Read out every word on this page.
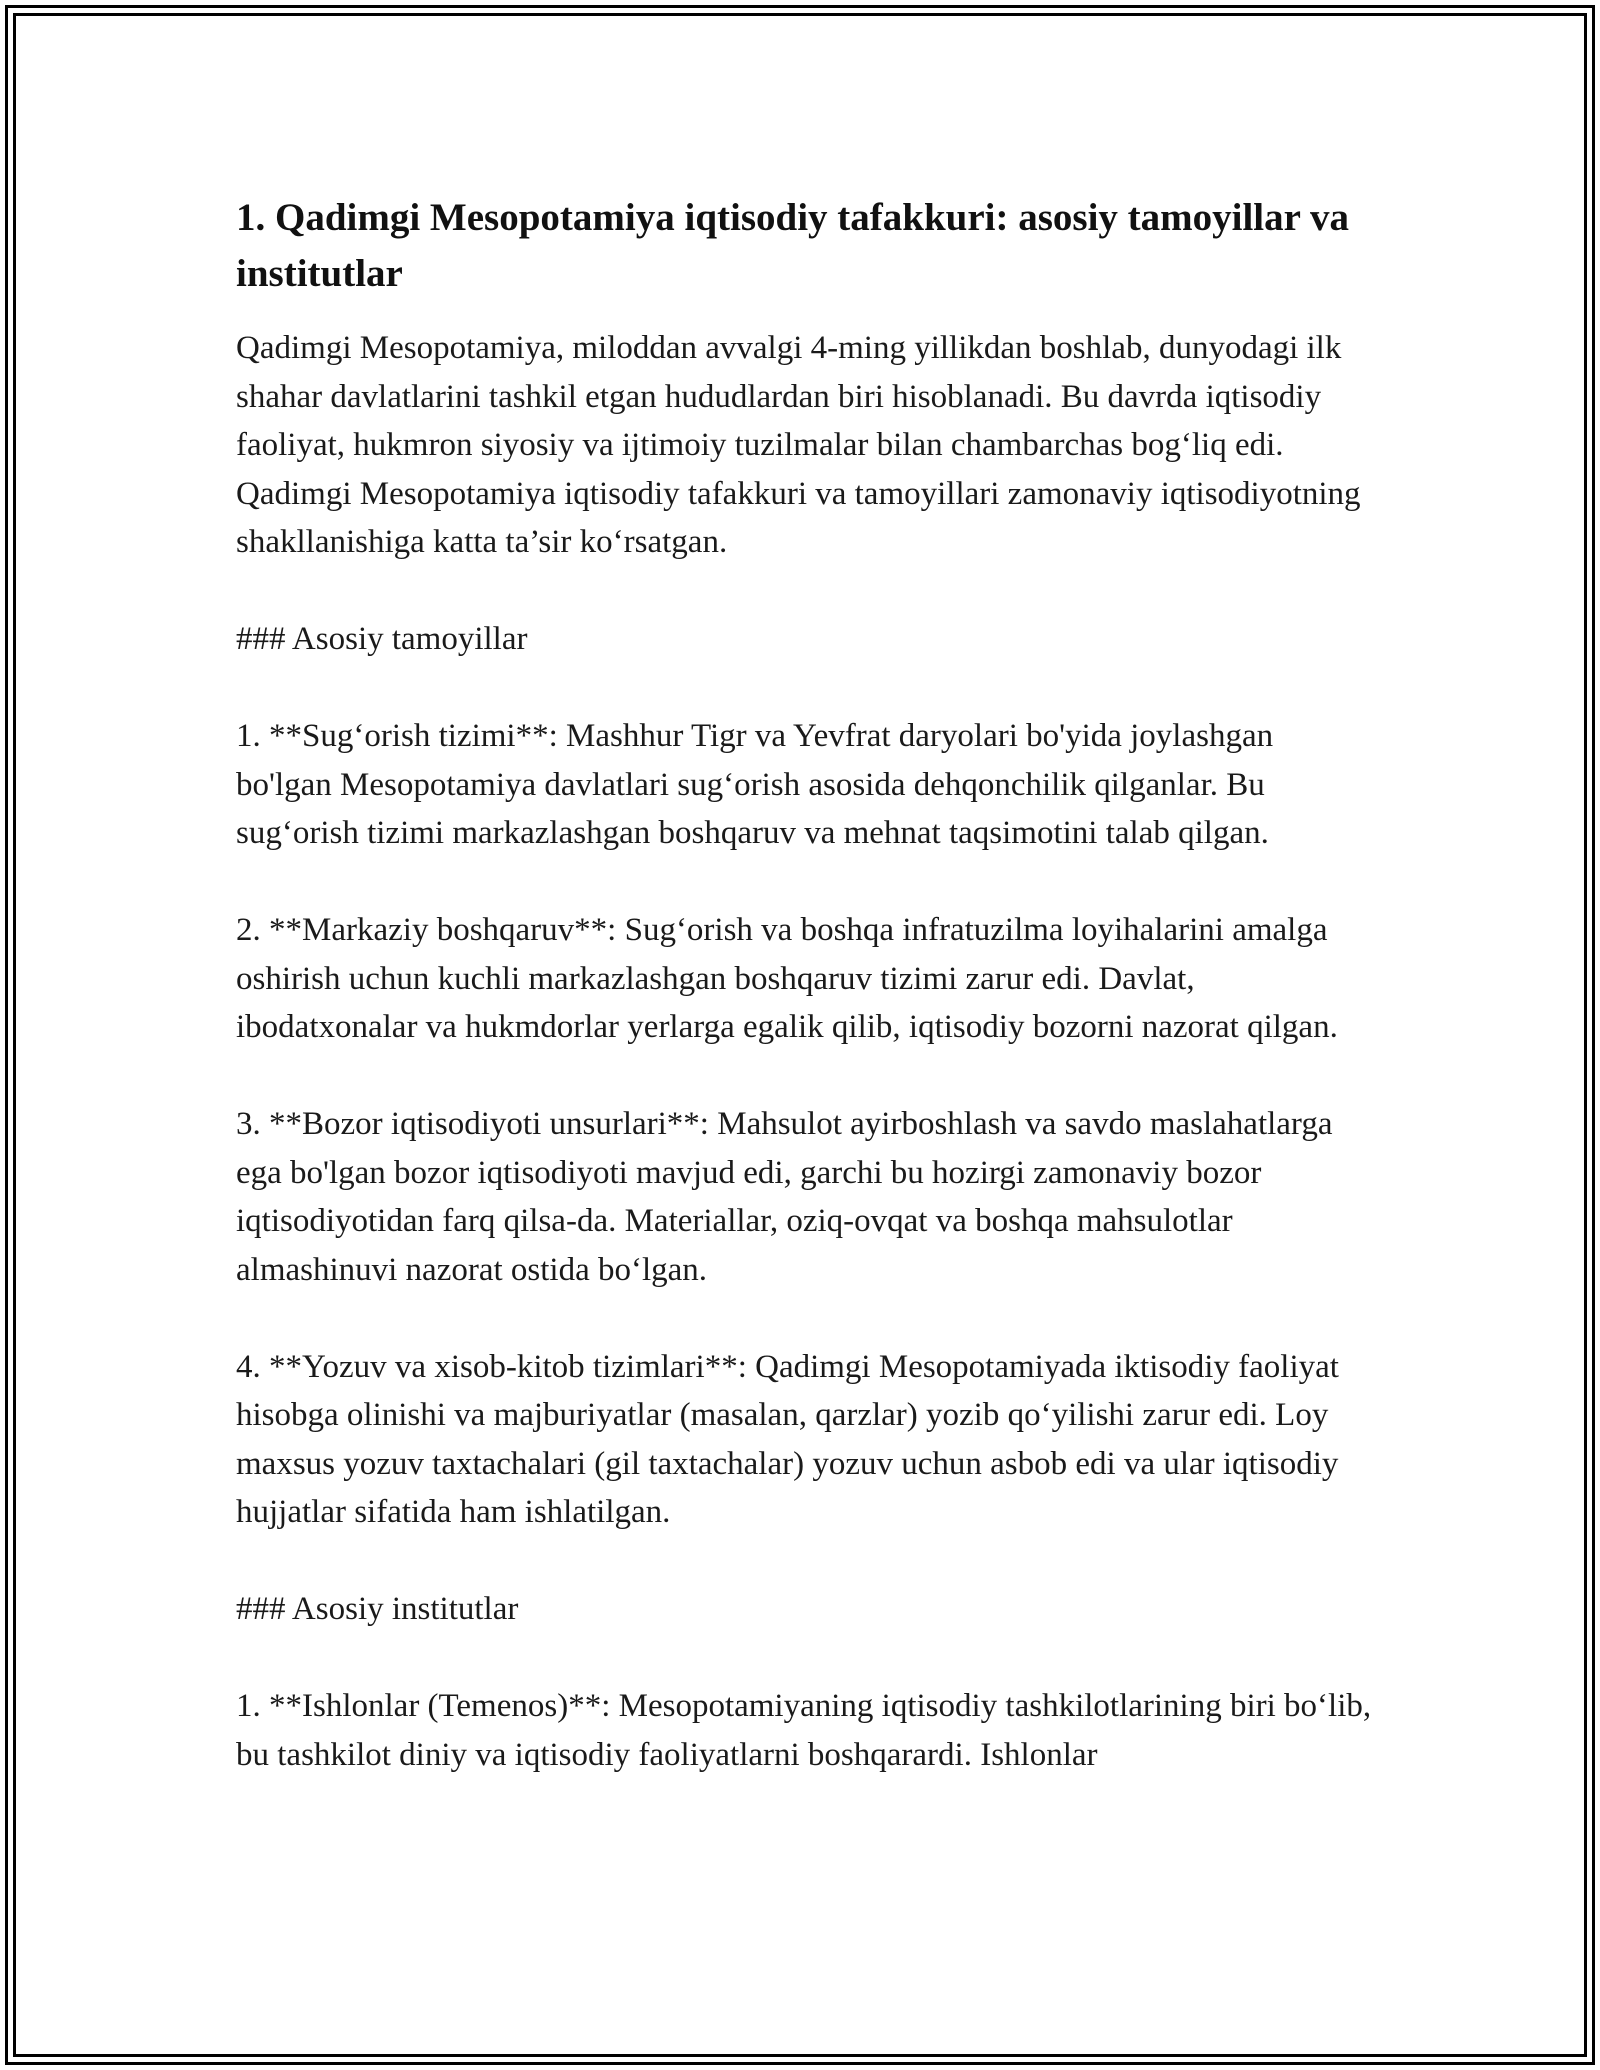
1. Qadimgi Mesopotamiya iqtisodiy tafakkuri: asosiy tamoyillar va institutlar

Qadimgi Mesopotamiya, miloddan avvalgi 4-ming yillikdan boshlab, dunyodagi ilk shahar davlatlarini tashkil etgan hududlardan biri hisoblanadi. Bu davrda iqtisodiy faoliyat, hukmron siyosiy va ijtimoiy tuzilmalar bilan chambarchas bog‘liq edi. Qadimgi Mesopotamiya iqtisodiy tafakkuri va tamoyillari zamonaviy iqtisodiyotning shakllanishiga katta ta’sir ko‘rsatgan.

### Asosiy tamoyillar

1. **Sug‘orish tizimi**: Mashhur Tigr va Yevfrat daryolari bo'yida joylashgan bo'lgan Mesopotamiya davlatlari sug‘orish asosida dehqonchilik qilganlar. Bu sug‘orish tizimi markazlashgan boshqaruv va mehnat taqsimotini talab qilgan.

2. **Markaziy boshqaruv**: Sug‘orish va boshqa infratuzilma loyihalarini amalga oshirish uchun kuchli markazlashgan boshqaruv tizimi zarur edi. Davlat, ibodatxonalar va hukmdorlar yerlarga egalik qilib, iqtisodiy bozorni nazorat qilgan.

3. **Bozor iqtisodiyoti unsurlari**: Mahsulot ayirboshlash va savdo maslahatlarga ega bo'lgan bozor iqtisodiyoti mavjud edi, garchi bu hozirgi zamonaviy bozor iqtisodiyotidan farq qilsa-da. Materiallar, oziq-ovqat va boshqa mahsulotlar almashinuvi nazorat ostida bo‘lgan.

4. **Yozuv va xisob-kitob tizimlari**: Qadimgi Mesopotamiyada iktisodiy faoliyat hisobga olinishi va majburiyatlar (masalan, qarzlar) yozib qo‘yilishi zarur edi. Loy maxsus yozuv taxtachalari (gil taxtachalar) yozuv uchun asbob edi va ular iqtisodiy hujjatlar sifatida ham ishlatilgan.

### Asosiy institutlar

1. **Ishlonlar (Temenos)**: Mesopotamiyaning iqtisodiy tashkilotlarining biri bo‘lib, bu tashkilot diniy va iqtisodiy faoliyatlarni boshqarardi. Ishlonlar
